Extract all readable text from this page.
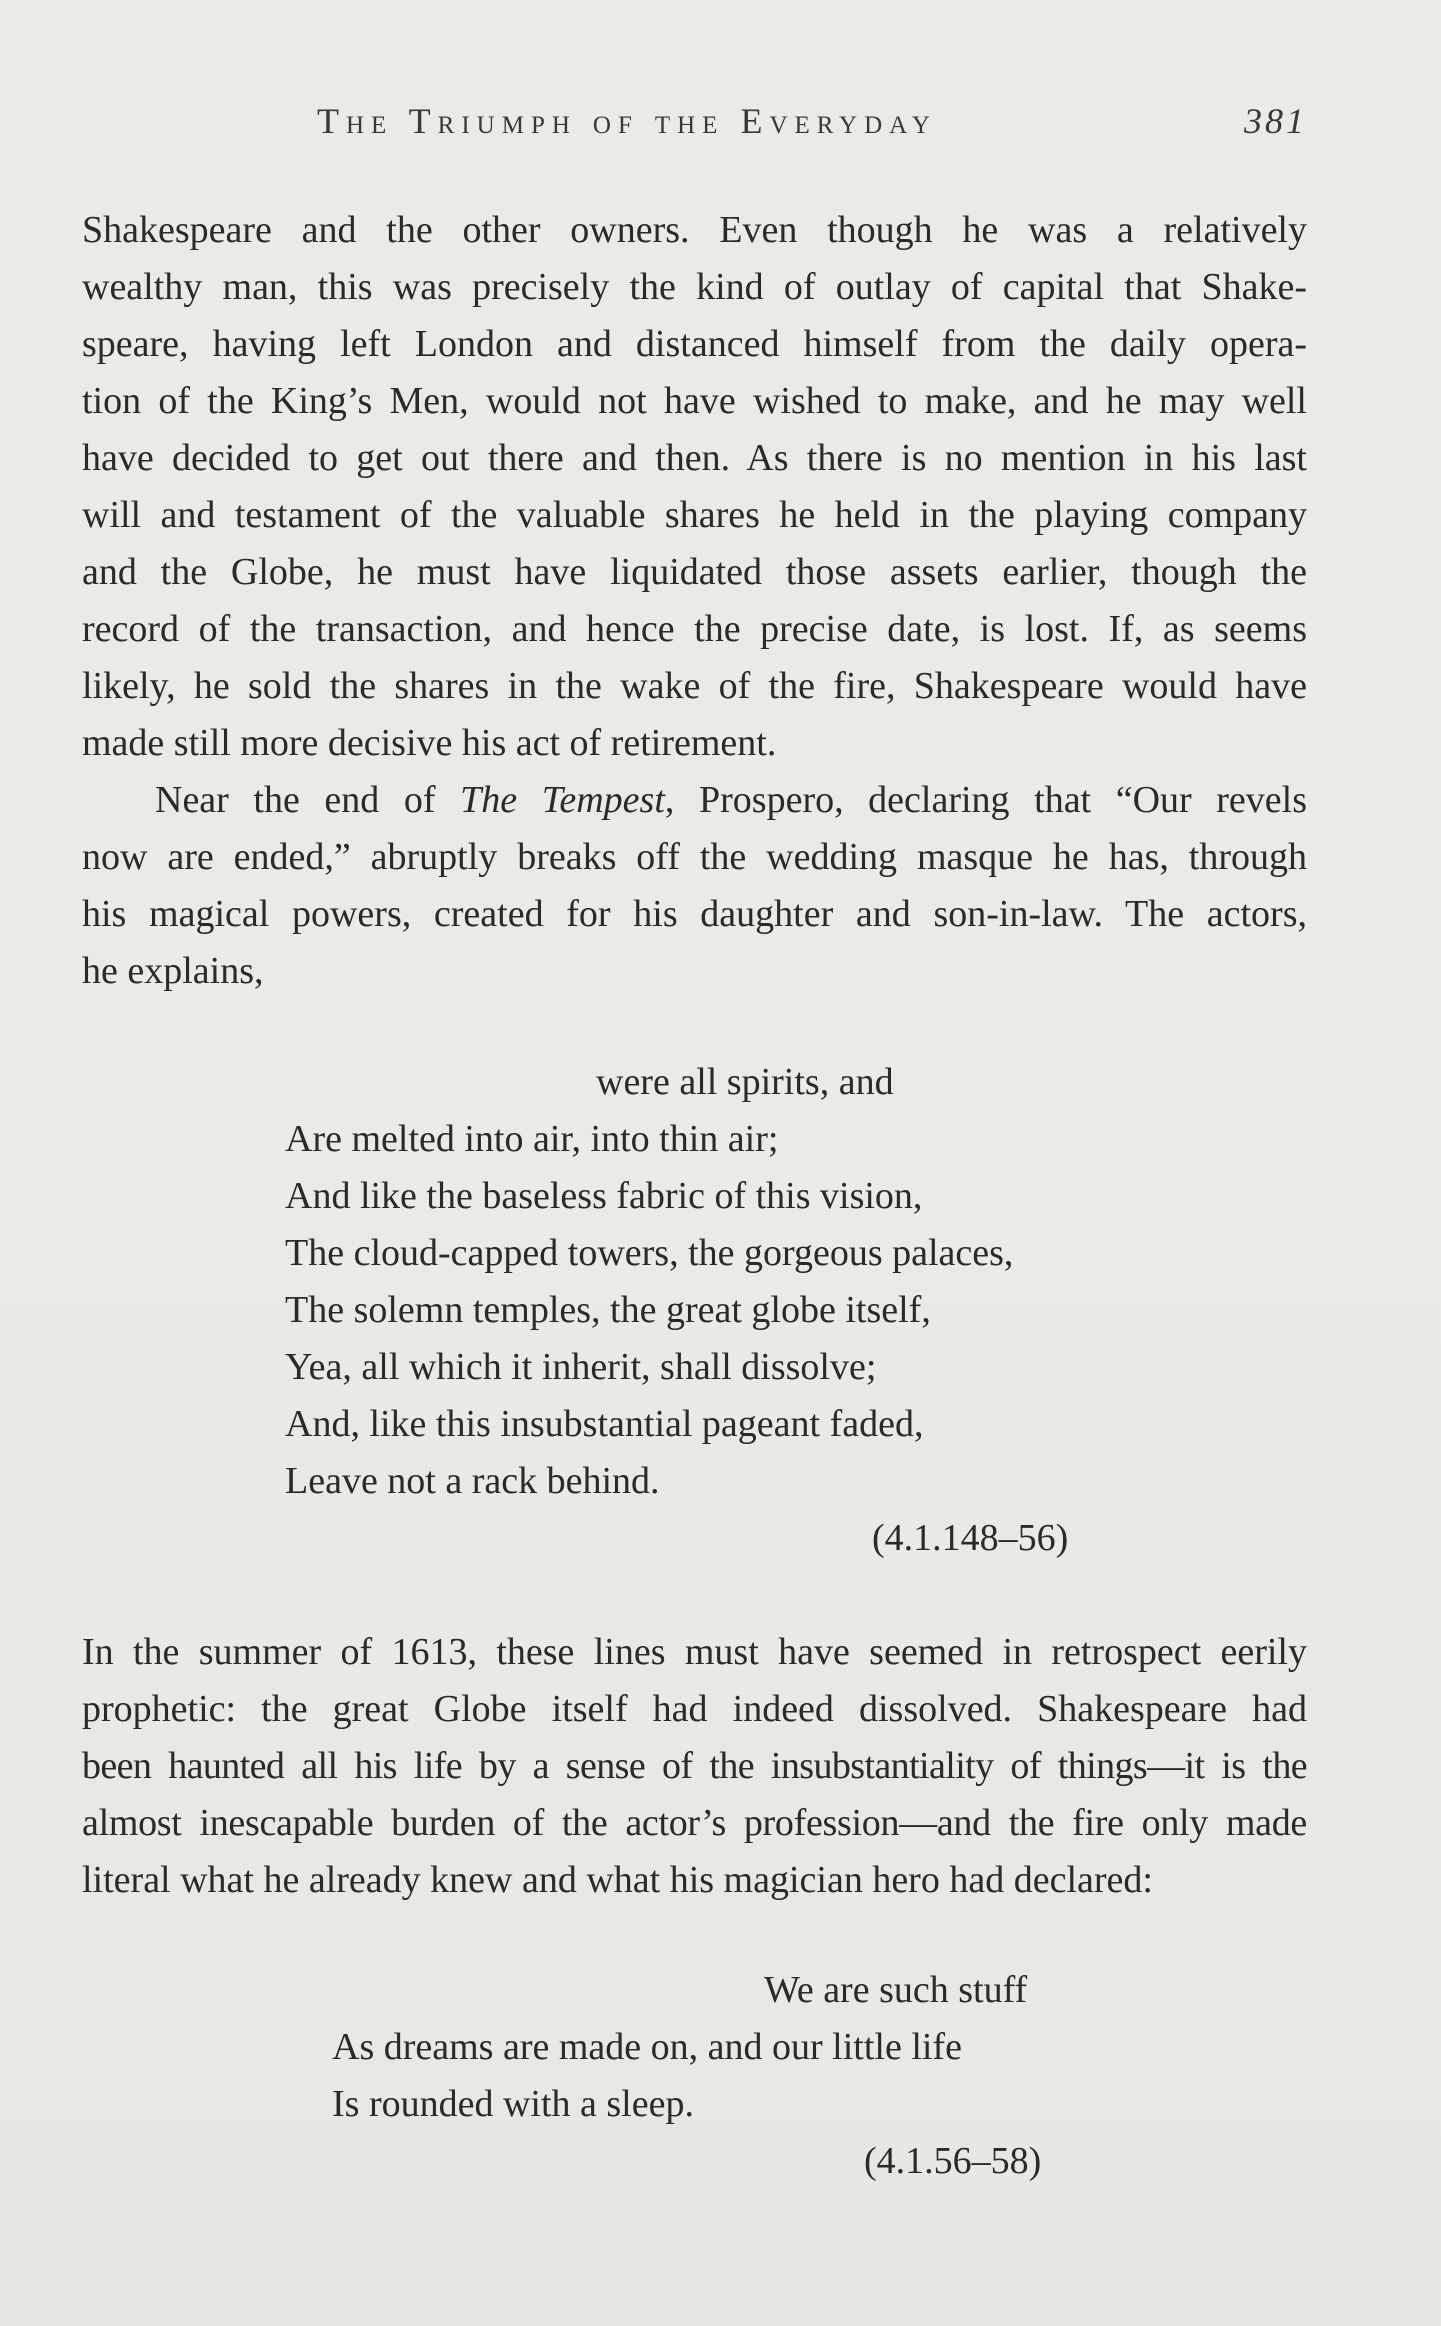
The Triumph of the Everyday	381
Shakespeare and the other owners. Even though he was a relatively
wealthy man, this was precisely the kind of outlay of capital that Shake-
speare, having left London and distanced himself from the daily opera-
tion of the King’s Men, would not have wished to make, and he may well
have decided to get out there and then. As there is no mention in his last
will and testament of the valuable shares he held in the playing company
and the Globe, he must have liquidated those assets earlier, though the
record of the transaction, and hence the precise date, is lost. If, as seems
likely, he sold the shares in the wake of the fire, Shakespeare would have
made still more decisive his act of retirement.
Near the end of The Tempest, Prospero, declaring that “Our revels
now are ended,” abruptly breaks off the wedding masque he has, through
his magical powers, created for his daughter and son-in-law. The actors,
he explains,
were all spirits, and
Are melted into air, into thin air;
And like the baseless fabric of this vision,
The cloud-capped towers, the gorgeous palaces,
The solemn temples, the great globe itself,
Yea, all which it inherit, shall dissolve;
And, like this insubstantial pageant faded,
Leave not a rack behind.
(4.1.148–56)
In the summer of 1613, these lines must have seemed in retrospect eerily
prophetic: the great Globe itself had indeed dissolved. Shakespeare had
been haunted all his life by a sense of the insubstantiality of things—it is the
almost inescapable burden of the actor’s profession—and the fire only made
literal what he already knew and what his magician hero had declared:
We are such stuff
As dreams are made on, and our little life
Is rounded with a sleep.
(4.1.56–58)
